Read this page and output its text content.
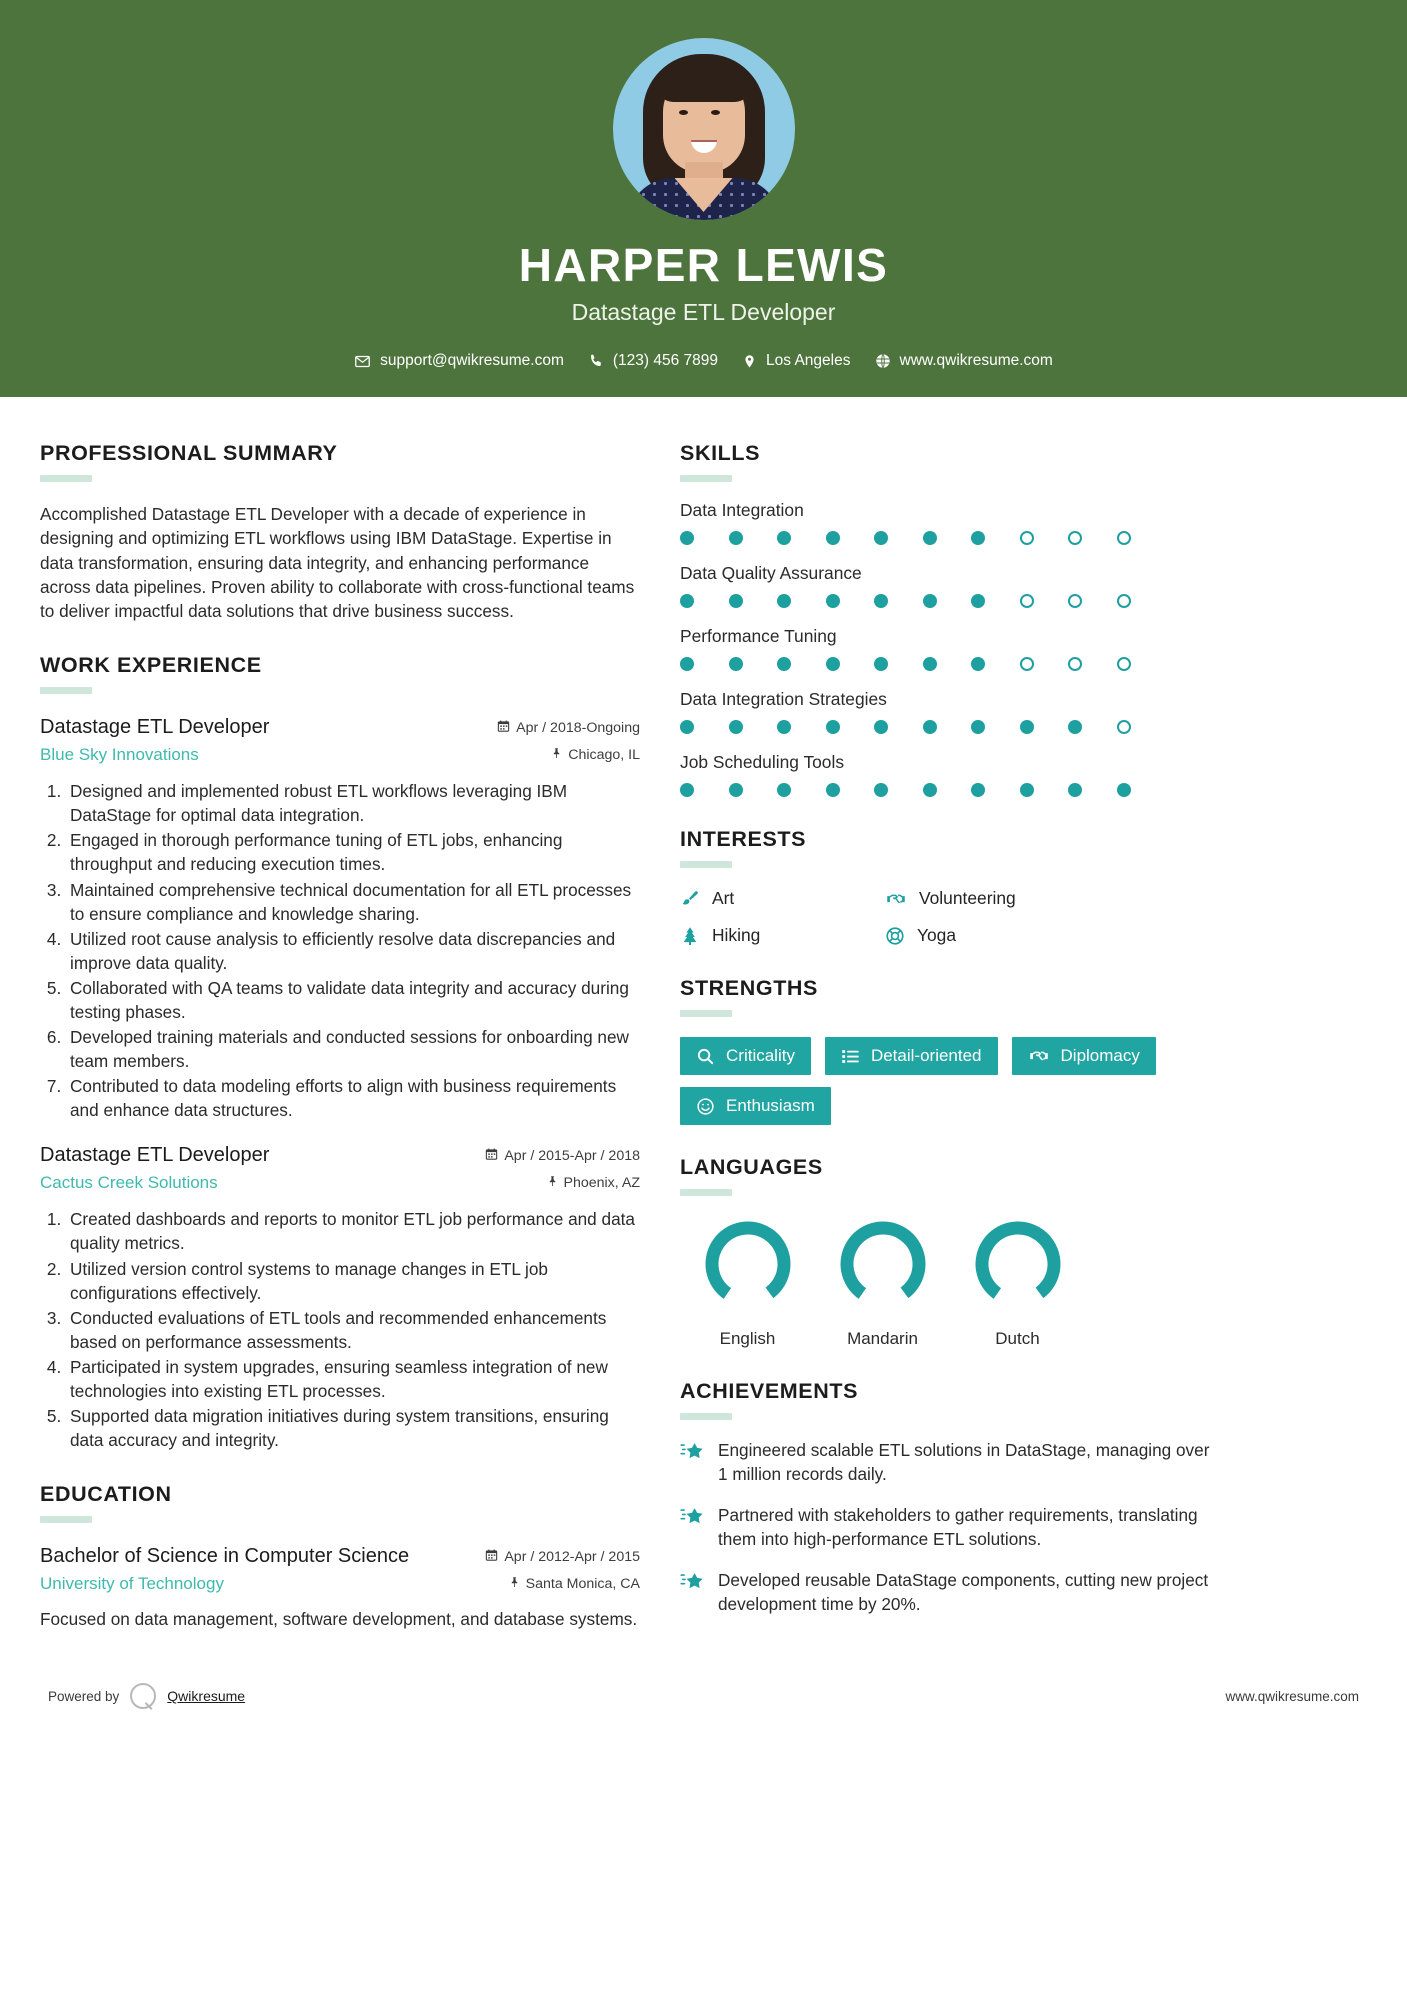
HARPER LEWIS
Datastage ETL Developer
support@qwikresume.com	(123) 456 7899	Los Angeles	www.qwikresume.com
PROFESSIONAL SUMMARY
Accomplished Datastage ETL Developer with a decade of experience in designing and optimizing ETL workflows using IBM DataStage. Expertise in data transformation, ensuring data integrity, and enhancing performance across data pipelines. Proven ability to collaborate with cross-functional teams to deliver impactful data solutions that drive business success.
WORK EXPERIENCE
Datastage ETL Developer	Apr / 2018-Ongoing
Blue Sky Innovations	Chicago, IL
1. Designed and implemented robust ETL workflows leveraging IBM DataStage for optimal data integration.
2. Engaged in thorough performance tuning of ETL jobs, enhancing throughput and reducing execution times.
3. Maintained comprehensive technical documentation for all ETL processes to ensure compliance and knowledge sharing.
4. Utilized root cause analysis to efficiently resolve data discrepancies and improve data quality.
5. Collaborated with QA teams to validate data integrity and accuracy during testing phases.
6. Developed training materials and conducted sessions for onboarding new team members.
7. Contributed to data modeling efforts to align with business requirements and enhance data structures.
Datastage ETL Developer	Apr / 2015-Apr / 2018
Cactus Creek Solutions	Phoenix, AZ
1. Created dashboards and reports to monitor ETL job performance and data quality metrics.
2. Utilized version control systems to manage changes in ETL job configurations effectively.
3. Conducted evaluations of ETL tools and recommended enhancements based on performance assessments.
4. Participated in system upgrades, ensuring seamless integration of new technologies into existing ETL processes.
5. Supported data migration initiatives during system transitions, ensuring data accuracy and integrity.
EDUCATION
Bachelor of Science in Computer Science	Apr / 2012-Apr / 2015
University of Technology	Santa Monica, CA
Focused on data management, software development, and database systems.
SKILLS
Data Integration
Data Quality Assurance
Performance Tuning
Data Integration Strategies
Job Scheduling Tools
INTERESTS
Art	Volunteering
Hiking	Yoga
STRENGTHS
Criticality	Detail-oriented	Diplomacy
Enthusiasm
LANGUAGES
English	Mandarin	Dutch
ACHIEVEMENTS
Engineered scalable ETL solutions in DataStage, managing over 1 million records daily.
Partnered with stakeholders to gather requirements, translating them into high-performance ETL solutions.
Developed reusable DataStage components, cutting new project development time by 20%.
Powered by	Qwikresume	www.qwikresume.com
